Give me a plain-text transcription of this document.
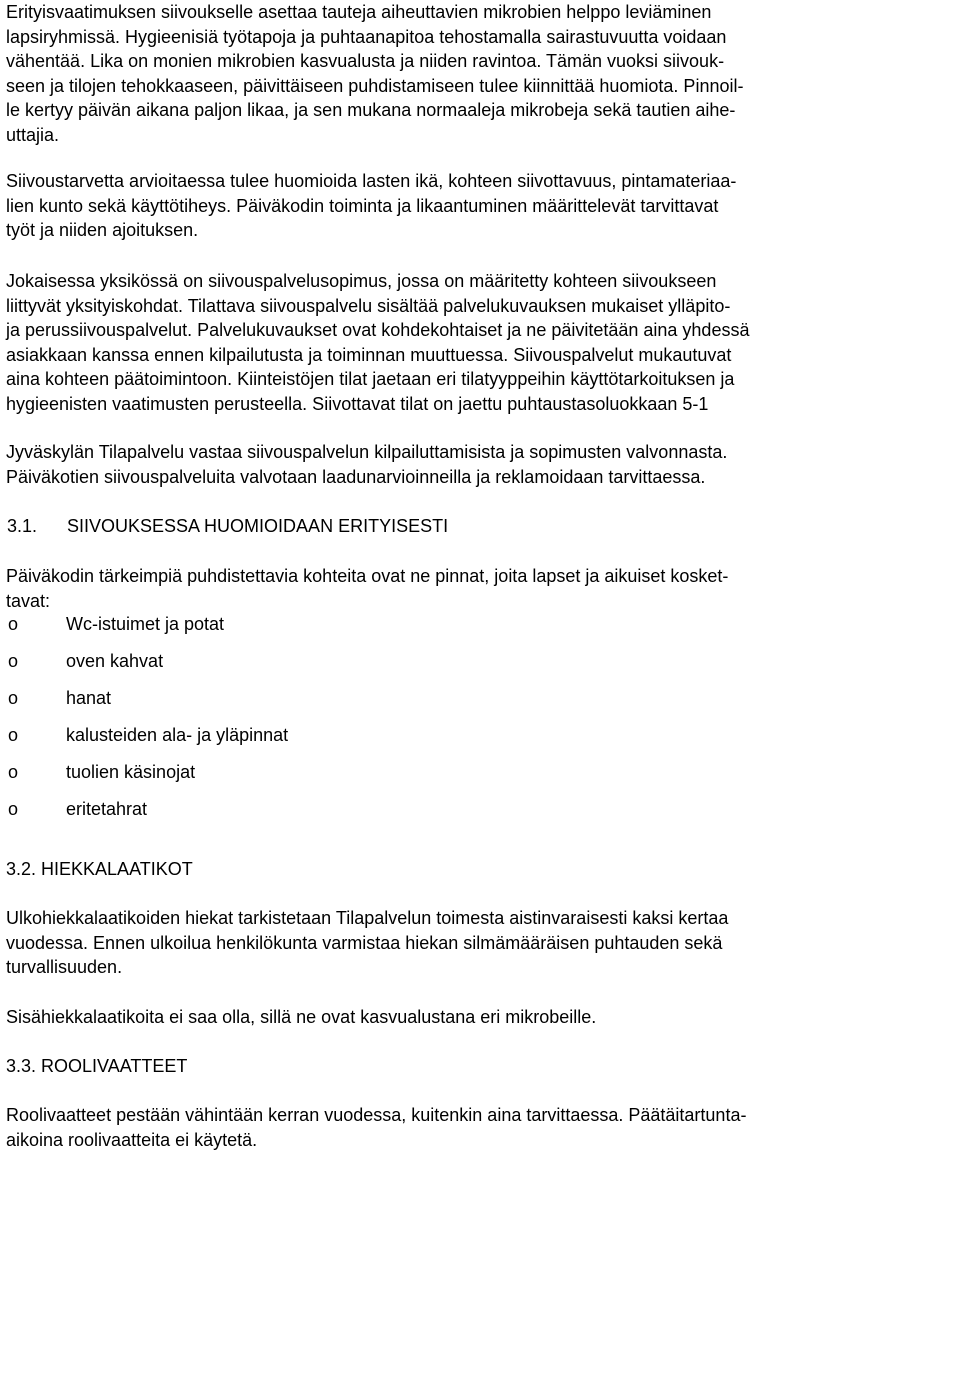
Erityisvaatimuksen siivoukselle asettaa tauteja aiheuttavien mikrobien helppo leviäminen
lapsiryhmissä. Hygieenisiä työtapoja ja puhtaanapitoa tehostamalla sairastuvuutta voidaan
vähentää. Lika on monien mikrobien kasvualusta ja niiden ravintoa. Tämän vuoksi siivouk-
seen ja tilojen tehokkaaseen, päivittäiseen puhdistamiseen tulee kiinnittää huomiota. Pinnoil-
le kertyy päivän aikana paljon likaa, ja sen mukana normaaleja mikrobeja sekä tautien aihe-
uttajia.

Siivoustarvetta arvioitaessa tulee huomioida lasten ikä, kohteen siivottavuus, pintamateriaa-
lien kunto sekä käyttötiheys. Päiväkodin toiminta ja likaantuminen määrittelevät tarvittavat
työt ja niiden ajoituksen.

Jokaisessa yksikössä on siivouspalvelusopimus, jossa on määritetty kohteen siivoukseen
liittyvät yksityiskohdat. Tilattava siivouspalvelu sisältää palvelukuvauksen mukaiset ylläpito-
ja perussiivouspalvelut. Palvelukuvaukset ovat kohdekohtaiset ja ne päivitetään aina yhdessä
asiakkaan kanssa ennen kilpailutusta ja toiminnan muuttuessa. Siivouspalvelut mukautuvat
aina kohteen päätoimintoon. Kiinteistöjen tilat jaetaan eri tilatyyppeihin käyttötarkoituksen ja
hygieenisten vaatimusten perusteella. Siivottavat tilat on jaettu puhtaustasoluokkaan 5-1

Jyväskylän Tilapalvelu vastaa siivouspalvelun kilpailuttamisista ja sopimusten valvonnasta.
Päiväkotien siivouspalveluita valvotaan laadunarvioinneilla ja reklamoidaan tarvittaessa.

3.1. SIIVOUKSESSA HUOMIOIDAAN ERITYISESTI

Päiväkodin tärkeimpiä puhdistettavia kohteita ovat ne pinnat, joita lapset ja aikuiset kosket-
tavat:

o	Wc-istuimet ja potat
o	oven kahvat
o	hanat
o	kalusteiden ala- ja yläpinnat
o	tuolien käsinojat
o	eritetahrat
3.2. HIEKKALAATIKOT

Ulkohiekkalaatikoiden hiekat tarkistetaan Tilapalvelun toimesta aistinvaraisesti kaksi kertaa
vuodessa. Ennen ulkoilua henkilökunta varmistaa hiekan silmämääräisen puhtauden sekä
turvallisuuden.

Sisähiekkalaatikoita ei saa olla, sillä ne ovat kasvualustana eri mikrobeille.

3.3. ROOLIVAATTEET

Roolivaatteet pestään vähintään kerran vuodessa, kuitenkin aina tarvittaessa. Päätäitartunta-
aikoina roolivaatteita ei käytetä.
